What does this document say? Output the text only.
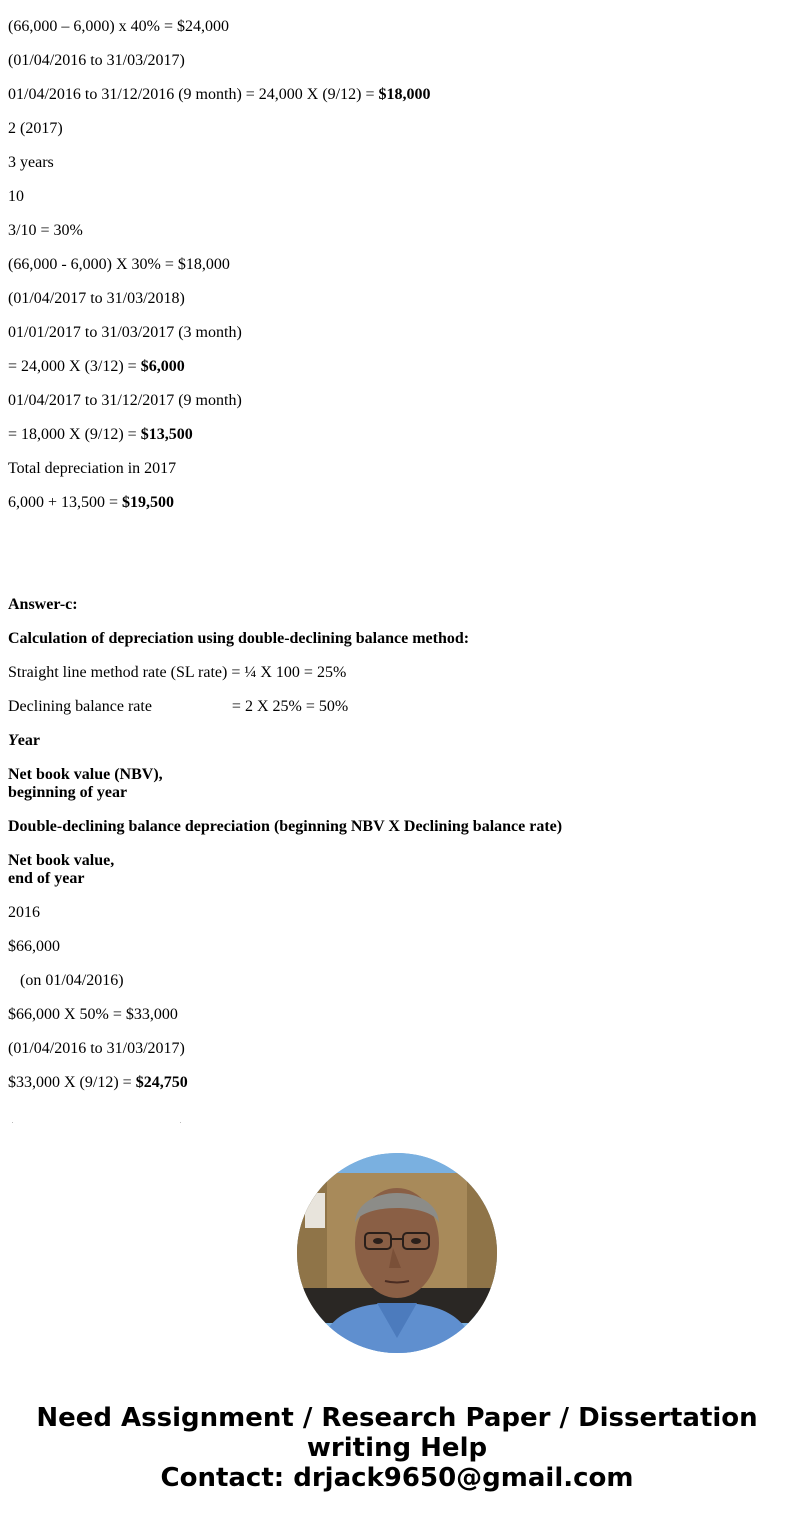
(66,000 – 6,000) x 40% = $24,000

(01/04/2016 to 31/03/2017)

01/04/2016 to 31/12/2016 (9 month) = 24,000 X (9/12) = $18,000

2 (2017)

3 years

10

3/10 = 30%

(66,000 - 6,000) X 30% = $18,000

(01/04/2017 to 31/03/2018)

01/01/2017 to 31/03/2017 (3 month)

= 24,000 X (3/12) = $6,000

01/04/2017 to 31/12/2017 (9 month)

= 18,000 X (9/12) = $13,500

Total depreciation in 2017

6,000 + 13,500 = $19,500

Answer-c:

Calculation of depreciation using double-declining balance method:

Straight line method rate (SL rate) = ¼ X 100 = 25%

Declining balance rate	= 2 X 25% = 50%

Year

Net book value (NBV),
beginning of year

Double-declining balance depreciation (beginning NBV X Declining balance rate)

Net book value,
end of year

2016

$66,000

(on 01/04/2016)

$66,000 X 50% = $33,000

(01/04/2016 to 31/03/2017)

$33,000 X (9/12) = $24,750

Need Assignment / Research Paper / Dissertation
writing Help
Contact: drjack9650@gmail.com
